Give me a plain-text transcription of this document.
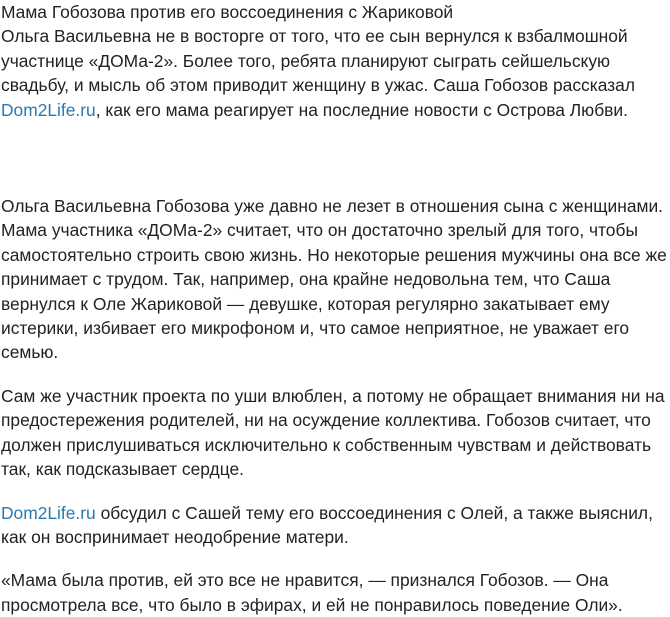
Мама Гобозова против его воссоединения с Жариковой

Ольга Васильевна не в восторге от того, что ее сын вернулся к взбалмошной участнице «ДОМа-2». Более того, ребята планируют сыграть сейшельскую свадьбу, и мысль об этом приводит женщину в ужас. Саша Гобозов рассказал Dom2Life.ru, как его мама реагирует на последние новости с Острова Любви.

Ольга Васильевна Гобозова уже давно не лезет в отношения сына с женщинами. Мама участника «ДОМа-2» считает, что он достаточно зрелый для того, чтобы самостоятельно строить свою жизнь. Но некоторые решения мужчины она все же принимает с трудом. Так, например, она крайне недовольна тем, что Саша вернулся к Оле Жариковой — девушке, которая регулярно закатывает ему истерики, избивает его микрофоном и, что самое неприятное, не уважает его семью.

Сам же участник проекта по уши влюблен, а потому не обращает внимания ни на предостережения родителей, ни на осуждение коллектива. Гобозов считает, что должен прислушиваться исключительно к собственным чувствам и действовать так, как подсказывает сердце.

Dom2Life.ru обсудил с Сашей тему его воссоединения с Олей, а также выяснил, как он воспринимает неодобрение матери.

«Мама была против, ей это все не нравится, — признался Гобозов. — Она просмотрела все, что было в эфирах, и ей не понравилось поведение Оли».
